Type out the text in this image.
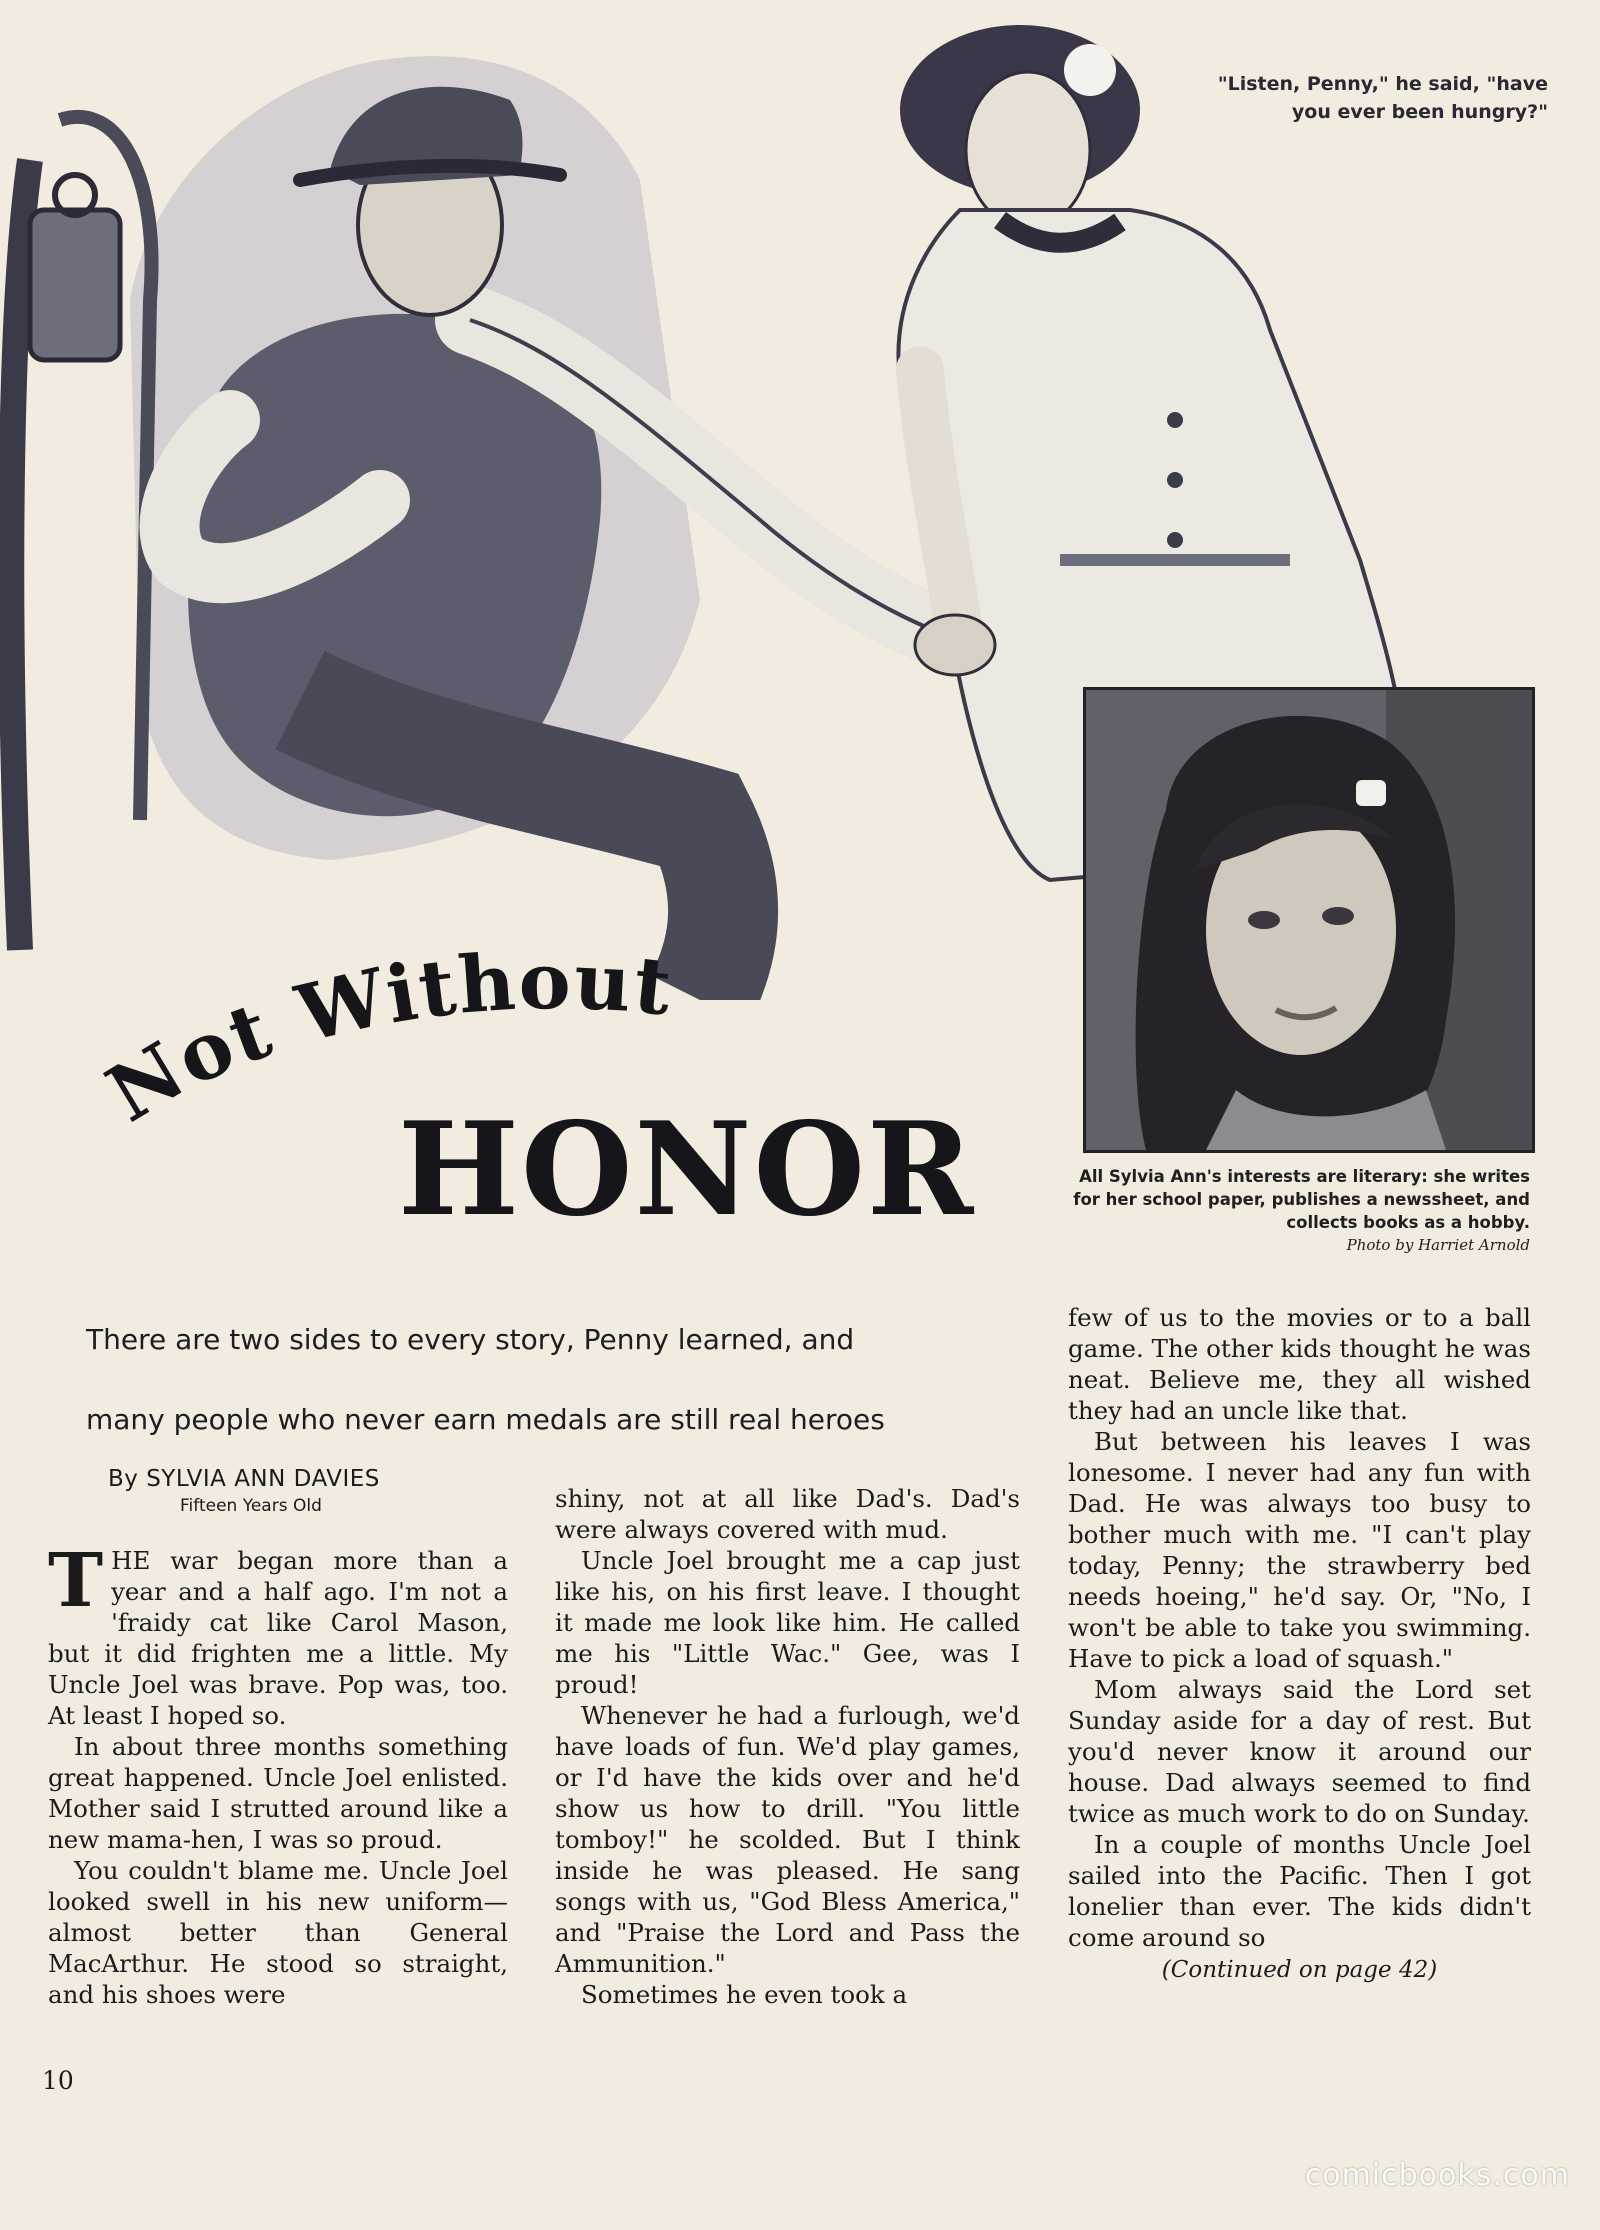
"Listen, Penny," he said, "have you ever been hungry?"
All Sylvia Ann's interests are literary: she writes for her school paper, publishes a newssheet, and collects books as a hobby.
Photo by Harriet Arnold
Not Without
HONOR
There are two sides to every story, Penny learned, and
many people who never earn medals are still real heroes
By SYLVIA ANN DAVIES
Fifteen Years Old

THE war began more than a year and a half ago. I'm not a 'fraidy cat like Carol Mason, but it did frighten me a little. My Uncle Joel was brave. Pop was, too. At least I hoped so.

In about three months something great happened. Uncle Joel enlisted. Mother said I strutted around like a new mama-hen, I was so proud.

You couldn't blame me. Uncle Joel looked swell in his new uniform—almost better than General MacArthur. He stood so straight, and his shoes were

shiny, not at all like Dad's. Dad's were always covered with mud.

Uncle Joel brought me a cap just like his, on his first leave. I thought it made me look like him. He called me his "Little Wac." Gee, was I proud!

Whenever he had a furlough, we'd have loads of fun. We'd play games, or I'd have the kids over and he'd show us how to drill. "You little tomboy!" he scolded. But I think inside he was pleased. He sang songs with us, "God Bless America," and "Praise the Lord and Pass the Ammunition."

Sometimes he even took a

few of us to the movies or to a ball game. The other kids thought he was neat. Believe me, they all wished they had an uncle like that.

But between his leaves I was lonesome. I never had any fun with Dad. He was always too busy to bother much with me. "I can't play today, Penny; the strawberry bed needs hoeing," he'd say. Or, "No, I won't be able to take you swimming. Have to pick a load of squash."

Mom always said the Lord set Sunday aside for a day of rest. But you'd never know it around our house. Dad always seemed to find twice as much work to do on Sunday.

In a couple of months Uncle Joel sailed into the Pacific. Then I got lonelier than ever. The kids didn't come around so

(Continued on page 42)
10
comicbooks.com
